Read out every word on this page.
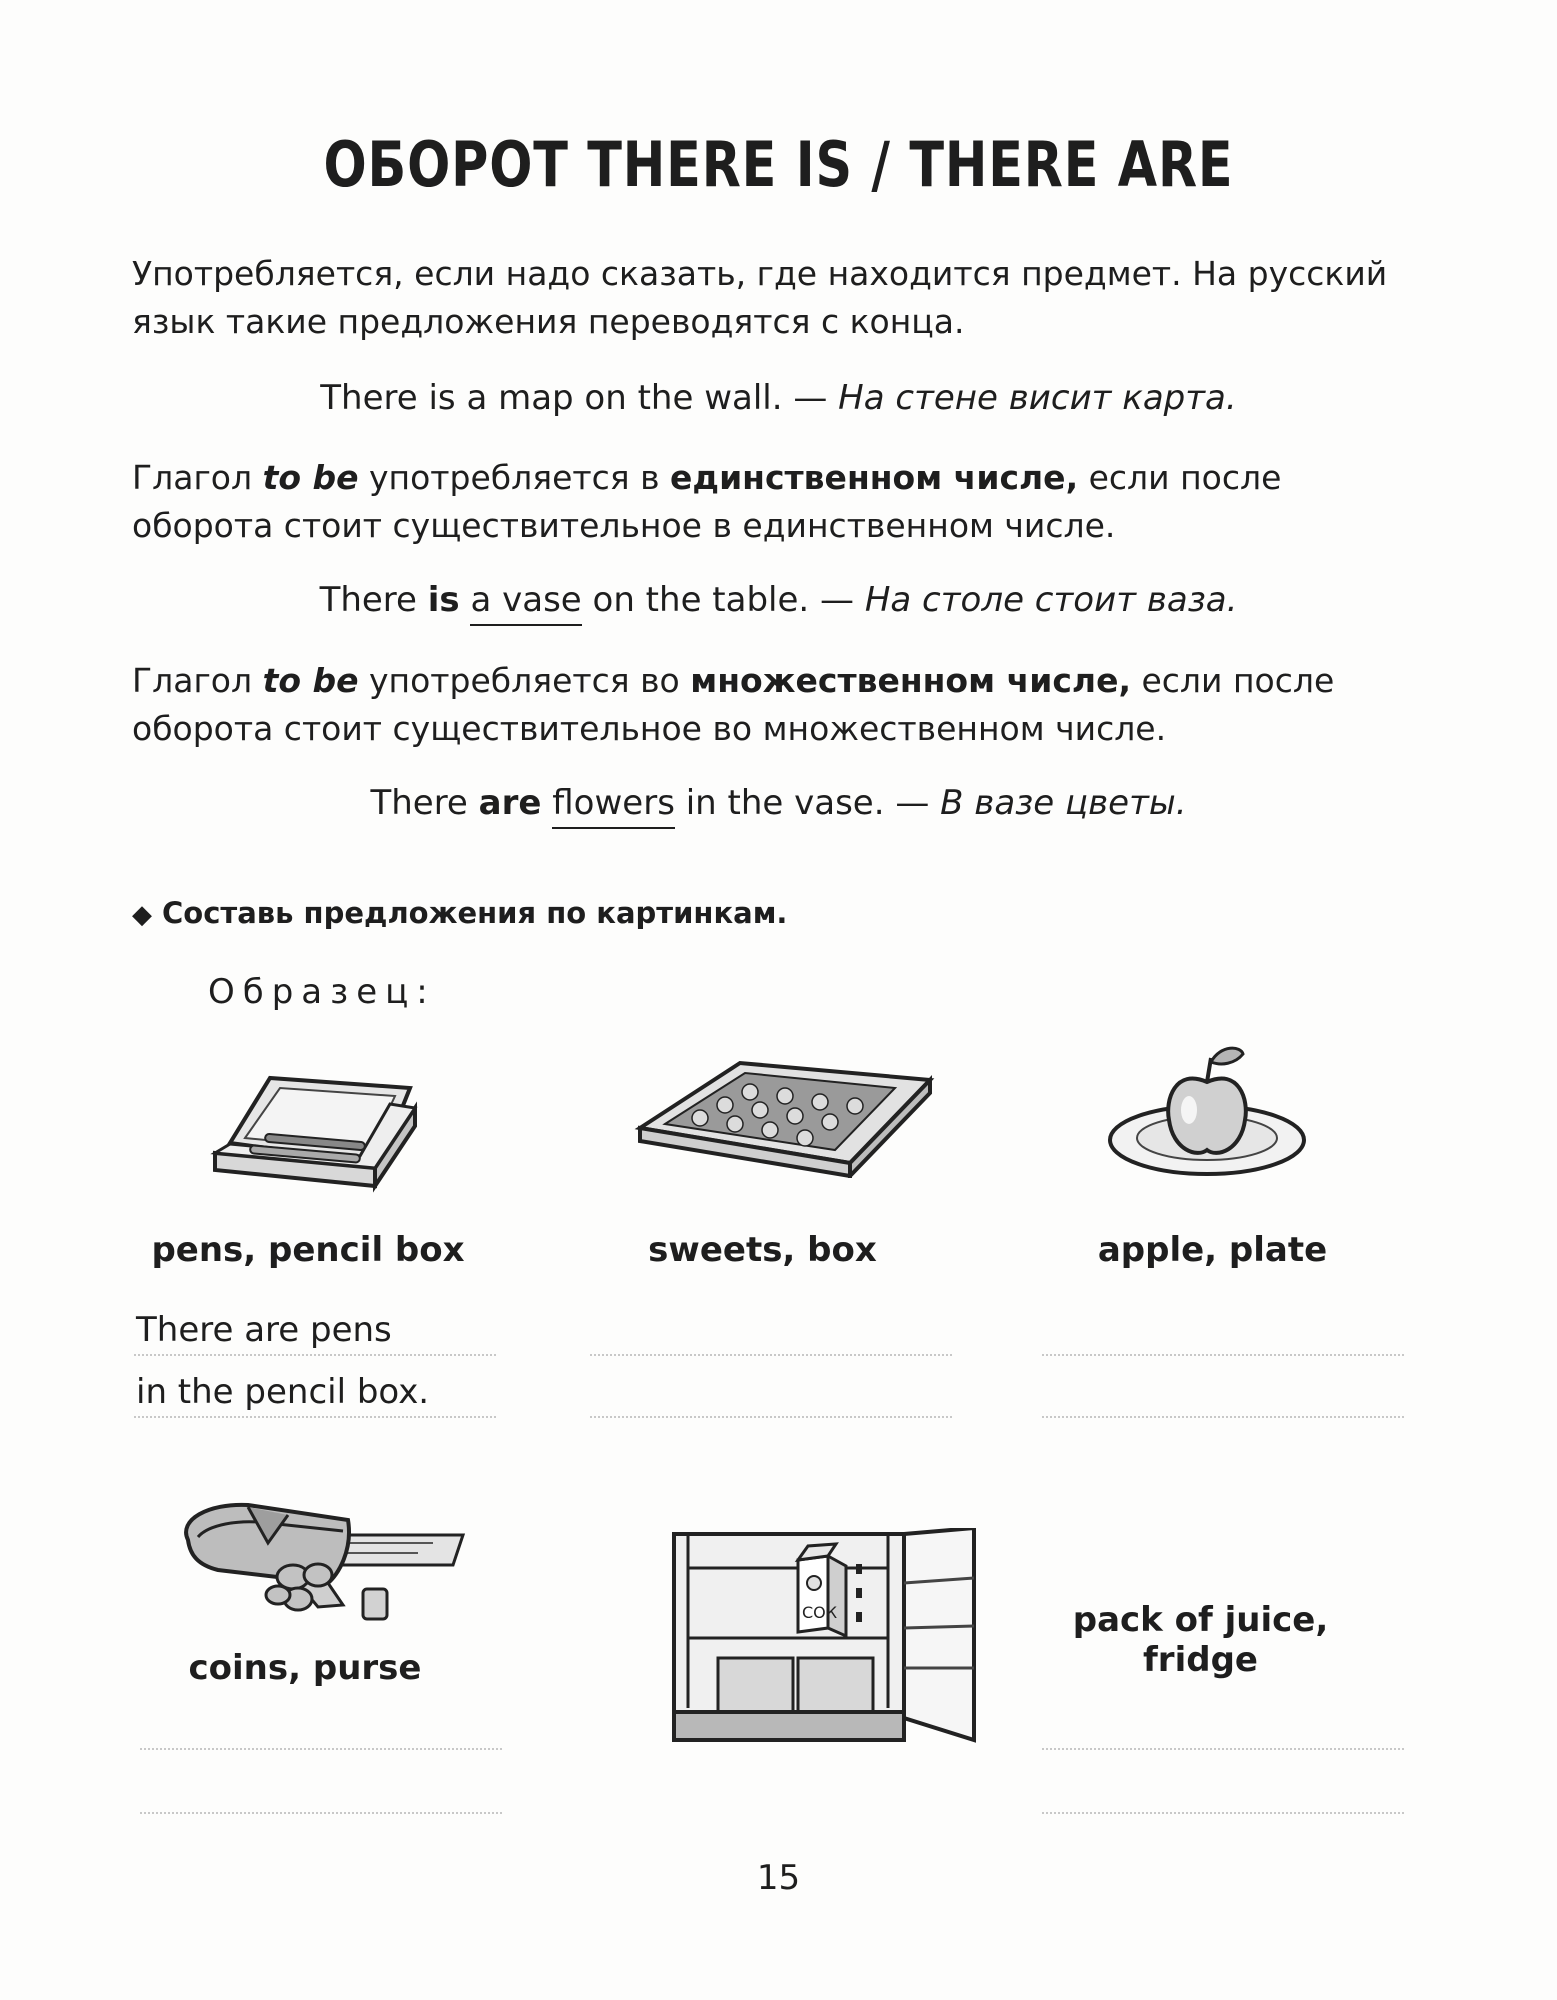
ОБОРОТ THERE IS / THERE ARE
Употребляется, если надо сказать, где находится предмет. На русский язык такие предложения переводятся с конца.
There is a map on the wall. — На стене висит карта.
Глагол to be употребляется в единственном числе, если после оборота стоит существительное в единственном числе.
There is a vase on the table. — На столе стоит ваза.
Глагол to be употребляется во множественном числе, если после оборота стоит существительное во множественном числе.
There are flowers in the vase. — В вазе цветы.
◆ Составь предложения по картинкам.
Образец:
pens, pencil box	sweets, box	apple, plate
There are pens
in the pencil box.
coins, purse
СОК	pack of juice, fridge
15
